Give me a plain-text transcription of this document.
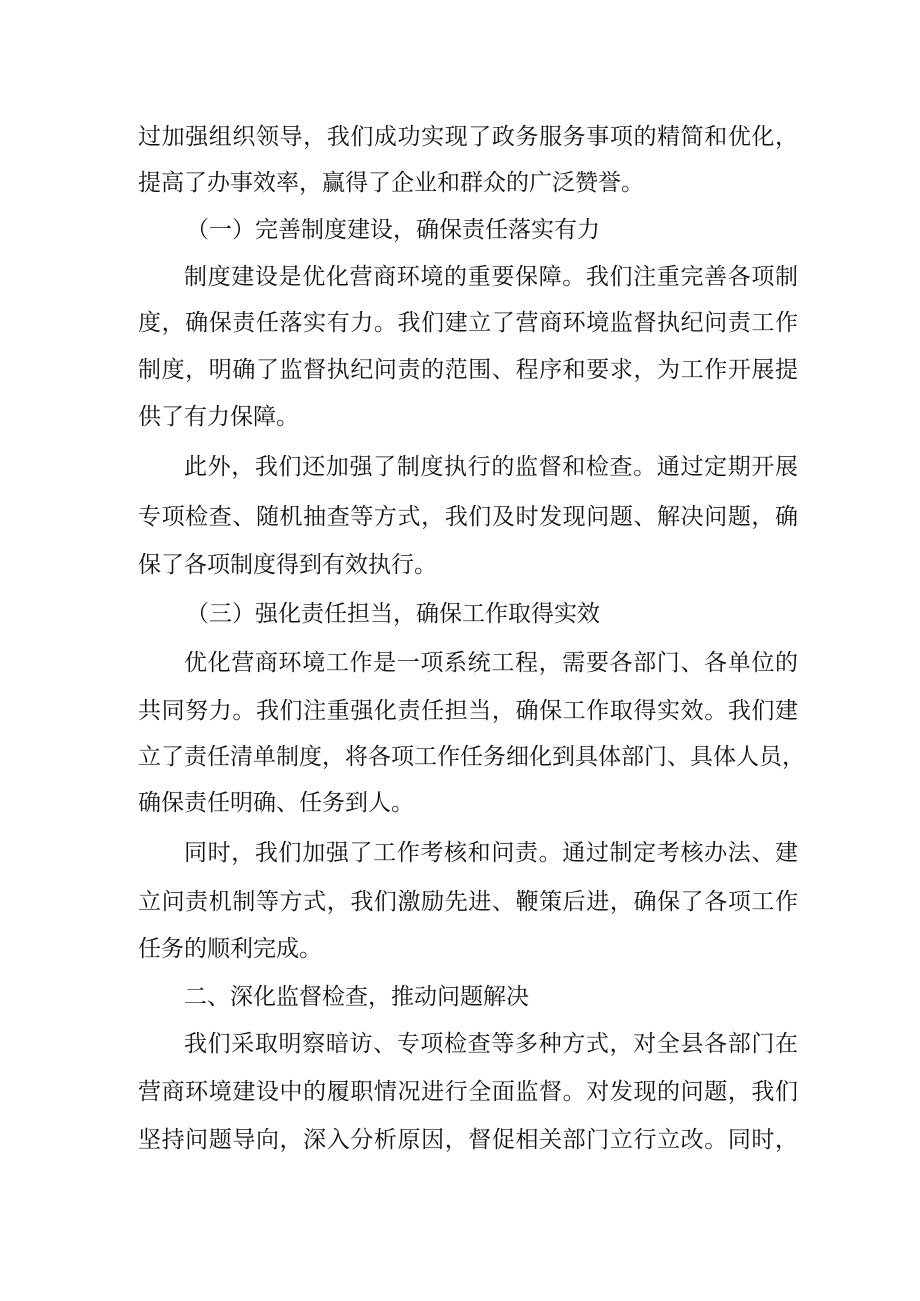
过加强组织领导，我们成功实现了政务服务事项的精简和优化，
提高了办事效率，赢得了企业和群众的广泛赞誉。
（一）完善制度建设，确保责任落实有力
制度建设是优化营商环境的重要保障。我们注重完善各项制
度，确保责任落实有力。我们建立了营商环境监督执纪问责工作
制度，明确了监督执纪问责的范围、程序和要求，为工作开展提
供了有力保障。
此外，我们还加强了制度执行的监督和检查。通过定期开展
专项检查、随机抽查等方式，我们及时发现问题、解决问题，确
保了各项制度得到有效执行。
（三）强化责任担当，确保工作取得实效
优化营商环境工作是一项系统工程，需要各部门、各单位的
共同努力。我们注重强化责任担当，确保工作取得实效。我们建
立了责任清单制度，将各项工作任务细化到具体部门、具体人员，
确保责任明确、任务到人。
同时，我们加强了工作考核和问责。通过制定考核办法、建
立问责机制等方式，我们激励先进、鞭策后进，确保了各项工作
任务的顺利完成。
二、深化监督检查，推动问题解决
我们采取明察暗访、专项检查等多种方式，对全县各部门在
营商环境建设中的履职情况进行全面监督。对发现的问题，我们
坚持问题导向，深入分析原因，督促相关部门立行立改。同时，
